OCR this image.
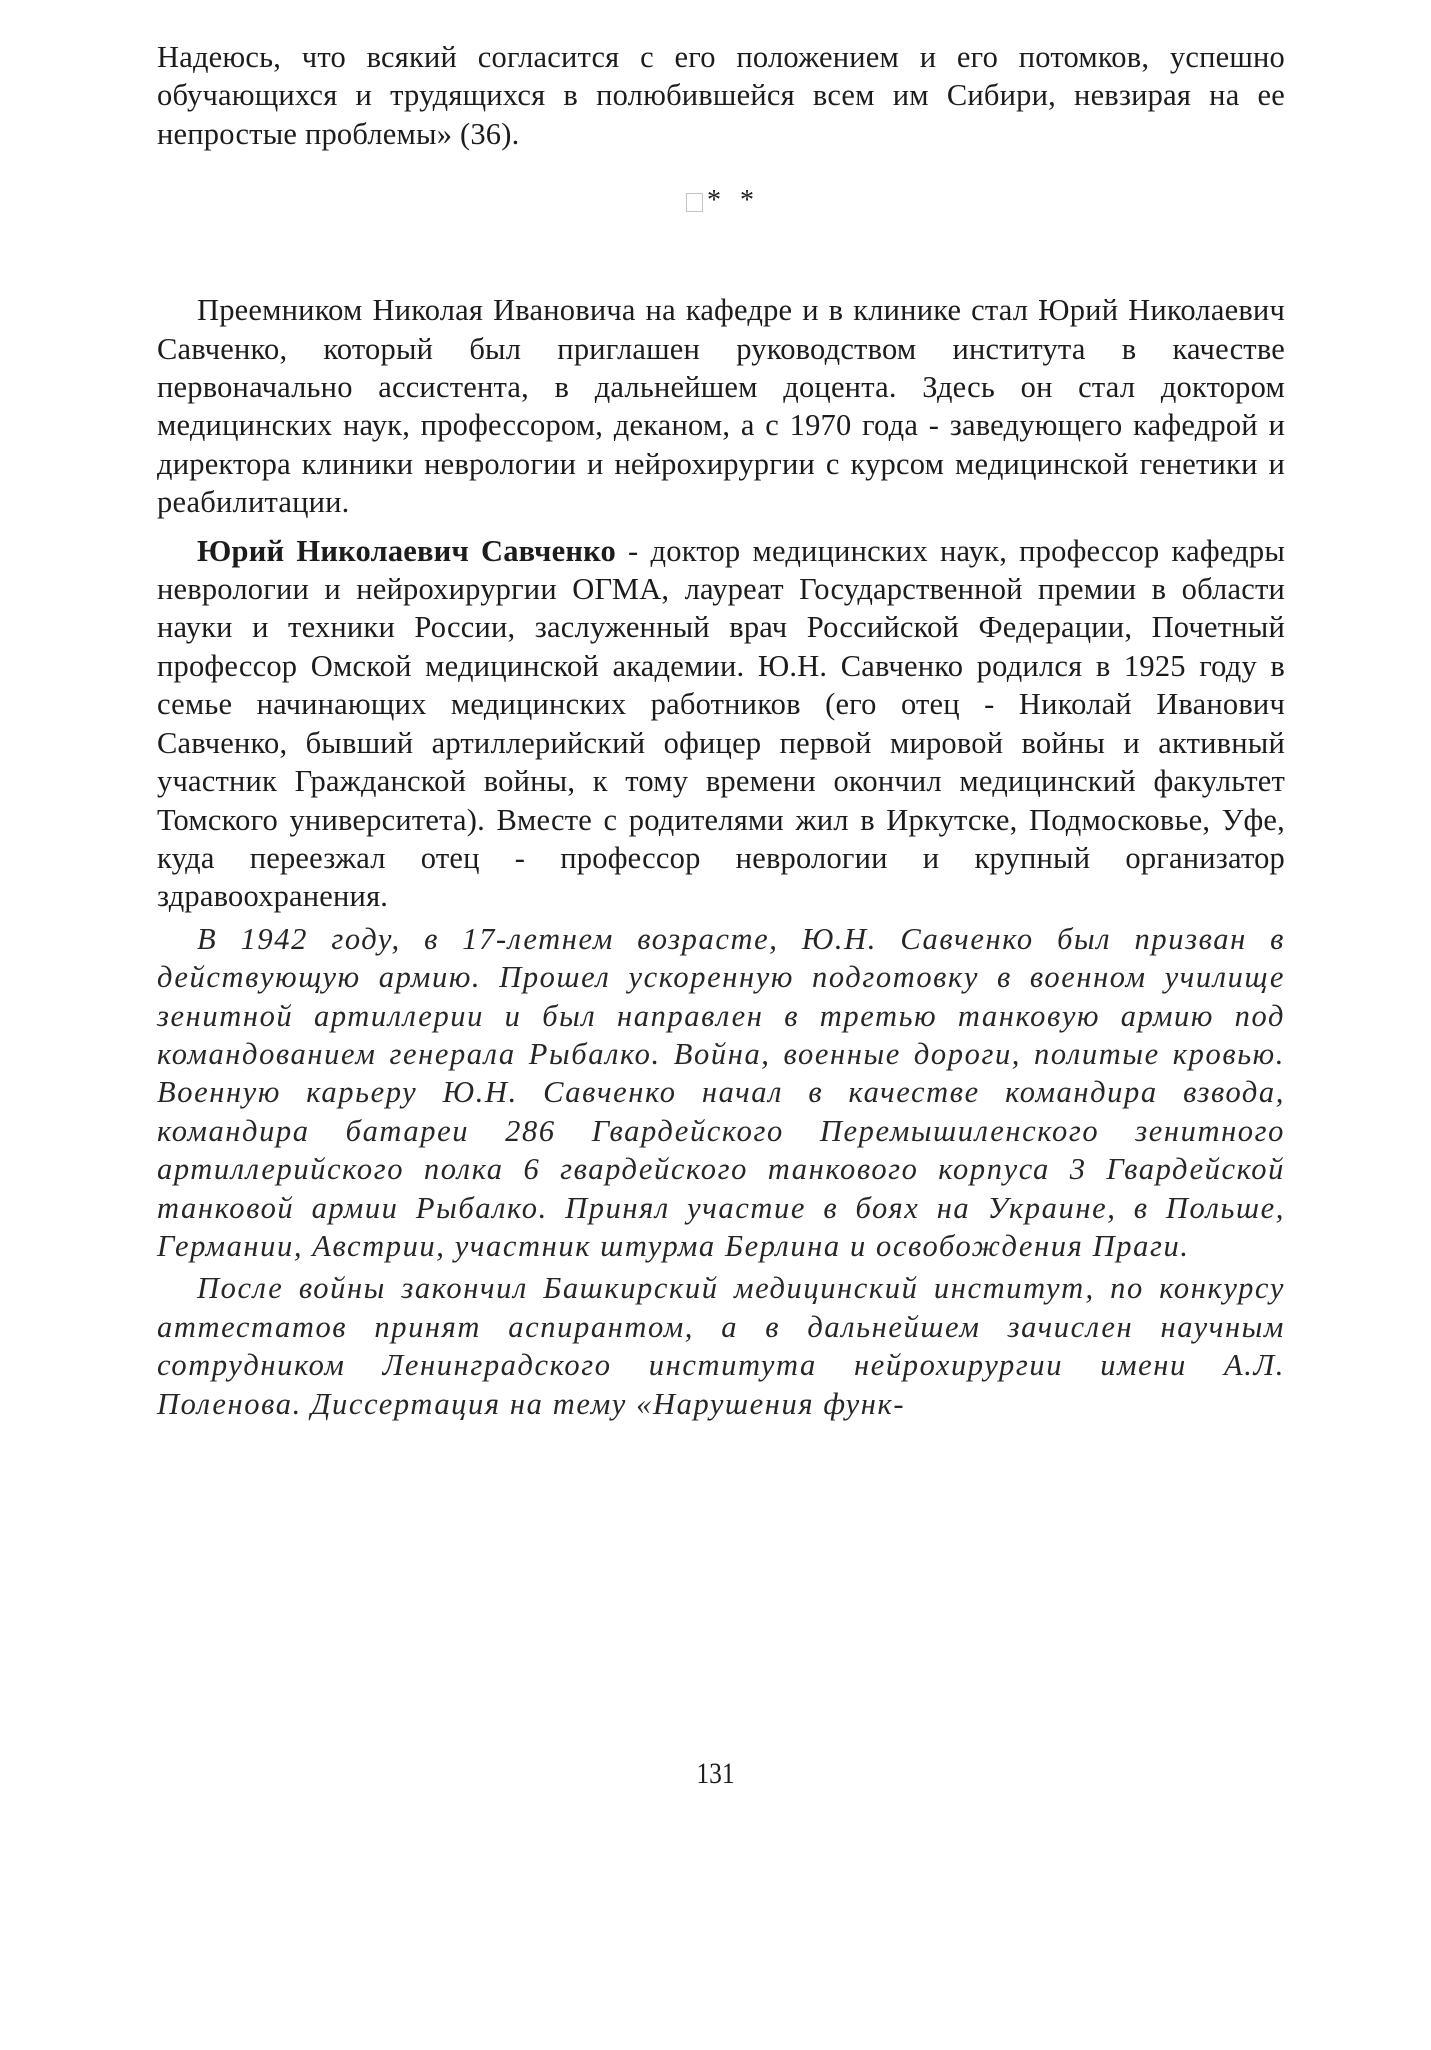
Надеюсь, что всякий согласится с его положением и его потомков, успешно обучающихся и трудящихся в полюбившейся всем им Сибири, невзирая на ее непростые проблемы» (36).

* *

Преемником Николая Ивановича на кафедре и в клинике стал Юрий Николаевич Савченко, который был приглашен руководством института в качестве первоначально ассистента, в дальнейшем доцента. Здесь он стал доктором медицинских наук, профессором, деканом, а с 1970 года - заведующего кафедрой и директора клиники неврологии и нейрохирургии с курсом медицинской генетики и реабилитации.

Юрий Николаевич Савченко - доктор медицинских наук, профессор кафедры неврологии и нейрохирургии ОГМА, лауреат Государственной премии в области науки и техники России, заслуженный врач Российской Федерации, Почетный профессор Омской медицинской академии. Ю.Н. Савченко родился в 1925 году в семье начинающих медицинских работников (его отец - Николай Иванович Савченко, бывший артиллерийский офицер первой мировой войны и активный участник Гражданской войны, к тому времени окончил медицинский факультет Томского университета). Вместе с родителями жил в Иркутске, Подмосковье, Уфе, куда переезжал отец - профессор неврологии и крупный организатор здравоохранения.

В 1942 году, в 17-летнем возрасте, Ю.Н. Савченко был призван в действующую армию. Прошел ускоренную подготовку в военном училище зенитной артиллерии и был направлен в третью танковую армию под командованием генерала Рыбалко. Война, военные дороги, политые кровью. Военную карьеру Ю.Н. Савченко начал в качестве командира взвода, командира батареи 286 Гвардейского Перемышиленского зенитного артиллерийского полка 6 гвардейского танкового корпуса 3 Гвардейской танковой армии Рыбалко. Принял участие в боях на Украине, в Польше, Германии, Австрии, участник штурма Берлина и освобождения Праги.

После войны закончил Башкирский медицинский институт, по конкурсу аттестатов принят аспирантом, а в дальнейшем зачислен научным сотрудником Ленинградского института нейрохирургии имени А.Л. Поленова. Диссертация на тему «Нарушения функ-

131
